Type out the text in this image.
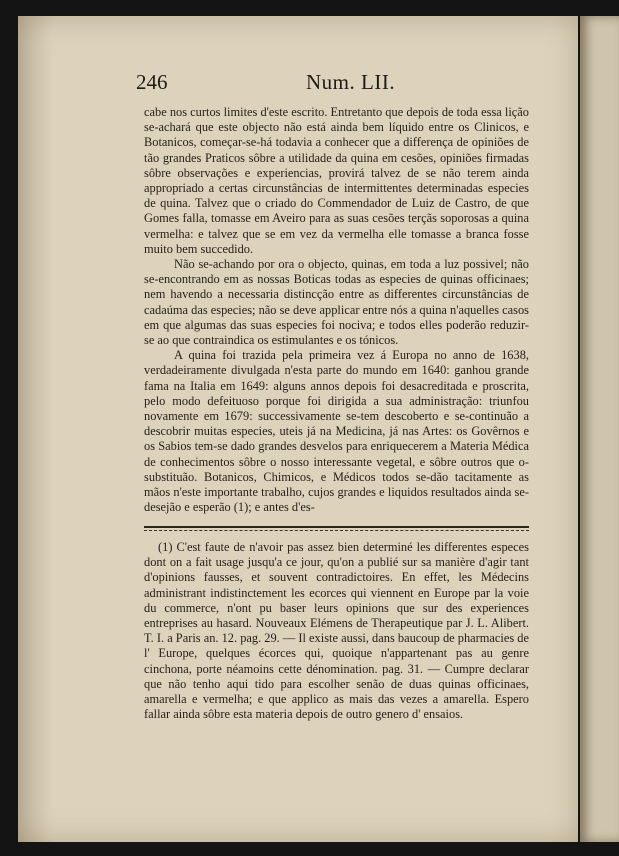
246	Num. LII.

cabe nos curtos limites d'este escrito. Entretanto que depois de toda essa lição se-achará que este objecto não está ainda bem líquido entre os Clinicos, e Botanicos, começar-se-há todavia a conhecer que a differença de opiniões de tão grandes Praticos sôbre a utilidade da quina em cesões, opiniões firmadas sôbre observações e experiencias, provirá talvez de se não terem ainda appropriado a certas circunstâncias de intermittentes determinadas especies de quina. Talvez que o criado do Commendador de Luiz de Castro, de que Gomes falla, tomasse em Aveiro para as suas cesões terçãs soporosas a quina vermelha: e talvez que se em vez da vermelha elle tomasse a branca fosse muito bem succedido.

Não se-achando por ora o objecto, quinas, em toda a luz possivel; não se-encontrando em as nossas Boticas todas as especies de quinas officinaes; nem havendo a necessaria distincção entre as differentes circunstâncias de cadaúma das especies; não se deve applicar entre nós a quina n'aquelles casos em que algumas das suas especies foi nociva; e todos elles poderão reduzir-se ao que contraindica os estimulantes e os tónicos.

A quina foi trazida pela primeira vez á Europa no anno de 1638, verdadeiramente divulgada n'esta parte do mundo em 1640: ganhou grande fama na Italia em 1649: alguns annos depois foi desacreditada e proscrita, pelo modo defeituoso porque foi dirigida a sua administração: triunfou novamente em 1679: successivamente se-tem descoberto e se-continuão a descobrir muitas especies, uteis já na Medicina, já nas Artes: os Govêrnos e os Sabios tem-se dado grandes desvelos para enriquecerem a Materia Médica de conhecimentos sôbre o nosso interessante vegetal, e sôbre outros que o-substituão. Botanicos, Chimicos, e Médicos todos se-dão tacitamente as mãos n'este importante trabalho, cujos grandes e liquidos resultados ainda se-desejão e esperão (1); e antes d'es-

(1) C'est faute de n'avoir pas assez bien determiné les differentes especes dont on a fait usage jusqu'a ce jour, qu'on a publié sur sa manière d'agir tant d'opinions fausses, et souvent contradictoires. En effet, les Médecins administrant indistinctement les ecorces qui viennent en Europe par la voie du commerce, n'ont pu baser leurs opinions que sur des experiences entreprises au hasard. Nouveaux Elémens de Therapeutique par J. L. Alibert. T. I. a Paris an. 12. pag. 29. — Il existe aussi, dans baucoup de pharmacies de l' Europe, quelques écorces qui, quoique n'appartenant pas au genre cinchona, porte néamoins cette dénomination. pag. 31. — Cumpre declarar que não tenho aqui tido para escolher senão de duas quinas officinaes, amarella e vermelha; e que applico as mais das vezes a amarella. Espero fallar ainda sôbre esta materia depois de outro genero d' ensaios.
